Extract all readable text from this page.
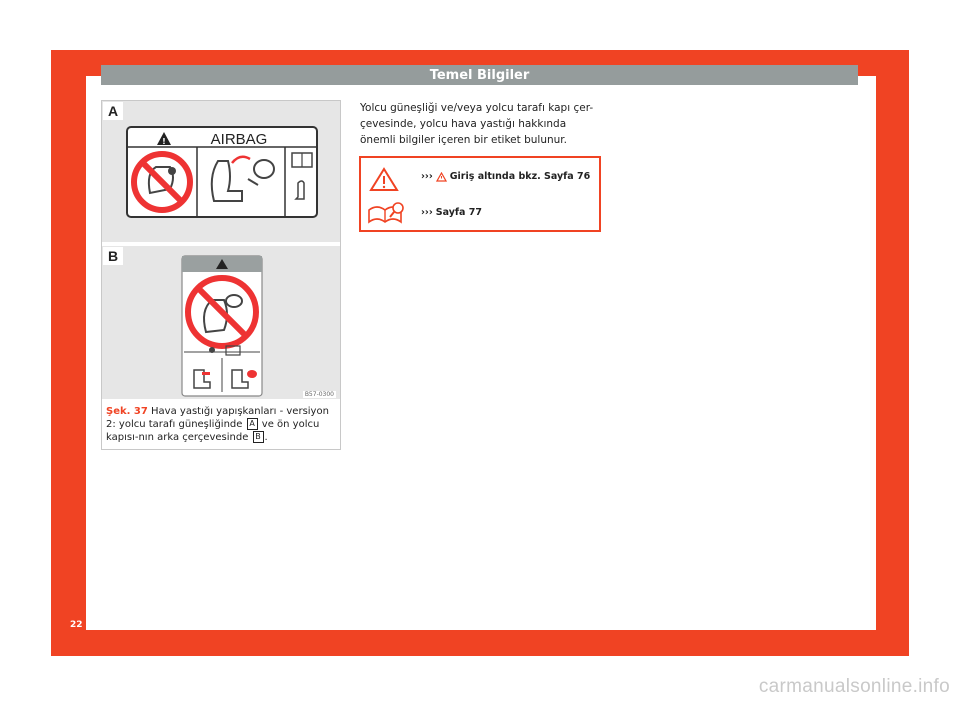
Temel Bilgiler
A
!	AIRBAG
B
B57-0300
Şek. 37 Hava yastığı yapışkanları - versiyon 2: yolcu tarafı güneşliğinde A ve ön yolcu kapısı-nın arka çerçevesinde B .
Yolcu güneşliği ve/veya yolcu tarafı kapı çer-çevesinde, yolcu hava yastığı hakkında önemli bilgiler içeren bir etiket bulunur.
››› Giriş altında bkz. Sayfa 76
››› Sayfa 77
22
carmanualsonline.info
